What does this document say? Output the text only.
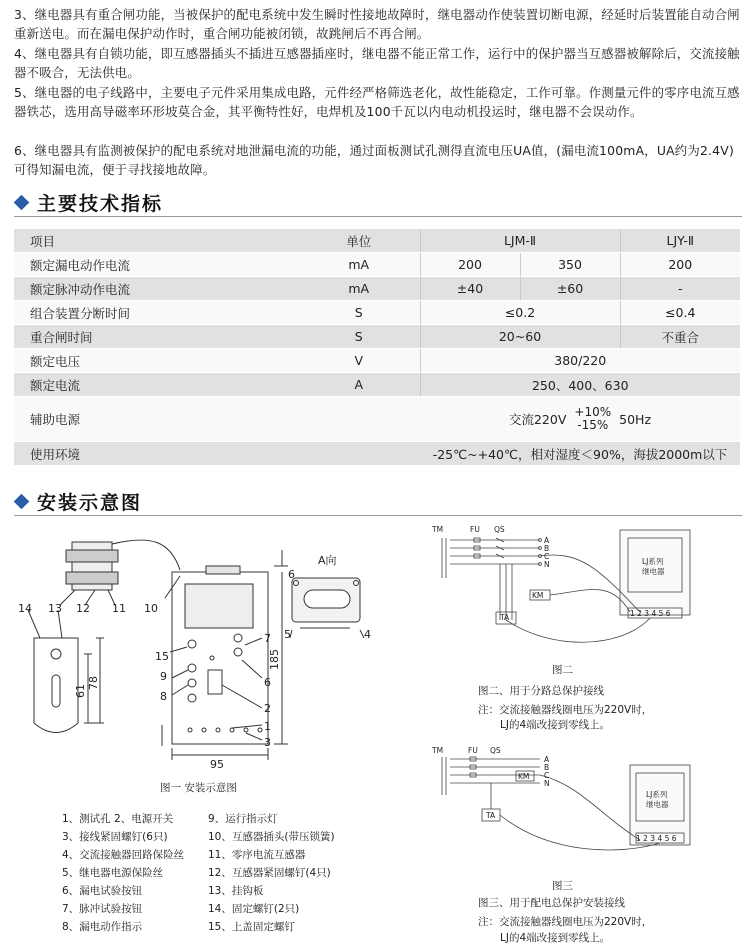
3、继电器具有重合闸功能，当被保护的配电系统中发生瞬时性接地故障时，继电器动作使装置切断电源，经延时后装置能自动合闸重新送电。而在漏电保护动作时，重合闸功能被闭锁，故跳闸后不再合闸。
4、继电器具有自锁功能，即互感器插头不插进互感器插座时，继电器不能正常工作，运行中的保护器当互感器被解除后，交流接触器不吸合，无法供电。
5、继电器的电子线路中，主要电子元件采用集成电路，元件经严格筛选老化，故性能稳定，工作可靠。作测量元件的零序电流互感器铁芯，选用高导磁率环形坡莫合金，其平衡特性好，电焊机及100千瓦以内电动机投运时，继电器不会误动作。
6、继电器具有监测被保护的配电系统对地泄漏电流的功能，通过面板测试孔测得直流电压UA值，(漏电流100mA，UA约为2.4V)可得知漏电流，便于寻找接地故障。
主要技术指标
项目	单位	LJM-Ⅱ		LJY-Ⅱ
额定漏电动作电流	mA	200	350	200
额定脉冲动作电流	mA	±40	±60	-
组合装置分断时间	S	≤0.2		≤0.4
重合闸时间	S	20~60		不重合
额定电压	V	380/220		
额定电流	A	250、400、630		
辅助电源		交流220V +10%
-15% 50Hz		

使用环境		-25℃~+40℃，相对湿度＜90%，海拔2000m以下		
安装示意图
A向
6
185
95
61
78
14 13 12 11 10
15
9
8
5	4
7
6
2
1
3
图一 安装示意图
1、测试孔 2、电源开关
3、接线紧固螺钉(6只)
4、交流接触器回路保险丝
5、继电器电源保险丝
6、漏电试验按钮
7、脉冲试验按钮
8、漏电动作指示
9、运行指示灯
10、互感器插头(带压锁簧)
11、零序电流互感器
12、互感器紧固螺钉(4只)
13、挂钩板
14、固定螺钉(2只)
15、上盖固定螺钉
TM	FU QS
KM
TA
A
B
C
N	LJ系列
继电器
1 2 3 4 5 6
图二
图二、用于分路总保护接线
注：交流接触器线圈电压为220V时，
LJ的4端改接到零线上。
TM	FU QS
KM
TA
A
B
C
N
LJ系列
继电器
1 2 3 4 5 6
图三
图三、用于配电总保护安装接线
注：交流接触器线圈电压为220V时，
LJ的4端改接到零线上。
